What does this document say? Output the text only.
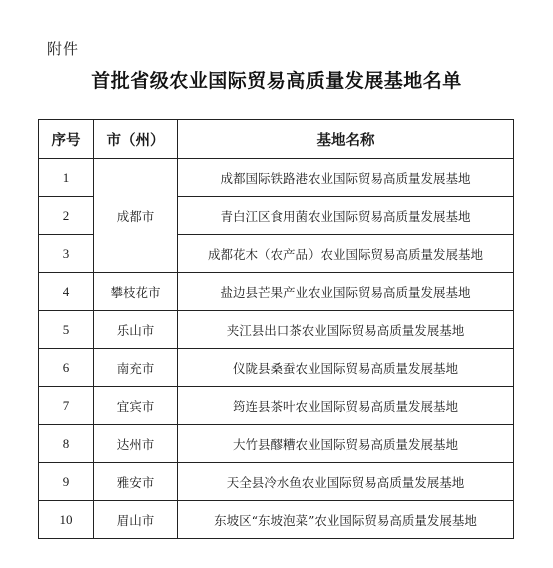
附件
首批省级农业国际贸易高质量发展基地名单
序号	市（州）	基地名称
1	成都市	成都国际铁路港农业国际贸易高质量发展基地
2		青白江区食用菌农业国际贸易高质量发展基地
3		成都花木（农产品）农业国际贸易高质量发展基地
4	攀枝花市	盐边县芒果产业农业国际贸易高质量发展基地
5	乐山市	夹江县出口茶农业国际贸易高质量发展基地
6	南充市	仪陇县桑蚕农业国际贸易高质量发展基地
7	宜宾市	筠连县茶叶农业国际贸易高质量发展基地
8	达州市	大竹县醪糟农业国际贸易高质量发展基地
9	雅安市	天全县冷水鱼农业国际贸易高质量发展基地
10	眉山市	东坡区“东坡泡菜”农业国际贸易高质量发展基地
